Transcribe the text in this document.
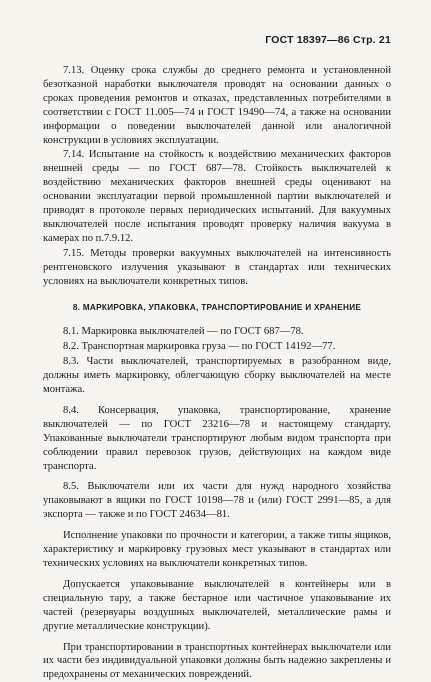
ГОСТ 18397—86 Стр. 21

7.13. Оценку срока службы до среднего ремонта и установленной безотказной наработки выключателя проводят на основании данных о сроках проведения ремонтов и отказах, представленных потребителями в соответствии с ГОСТ 11.005—74 и ГОСТ 19490—74, а также на основании информации о поведении выключателей данной или аналогичной конструкции в условиях эксплуатации.

7.14. Испытание на стойкость к воздействию механических факторов внешней среды — по ГОСТ 687—78. Стойкость выключателей к воздействию механических факторов внешней среды оценивают на основании эксплуатации первой промышленной партии выключателей и приводят в протоколе первых периодических испытаний. Для вакуумных выключателей после испытания проводят проверку наличия вакуума в камерах по п.7.9.12.

7.15. Методы проверки вакуумных выключателей на интенсивность рентгеновского излучения указывают в стандартах или технических условиях на выключатели конкретных типов.

8. МАРКИРОВКА, УПАКОВКА, ТРАНСПОРТИРОВАНИЕ И ХРАНЕНИЕ

8.1. Маркировка выключателей — по ГОСТ 687—78.

8.2. Транспортная маркировка груза — по ГОСТ 14192—77.

8.3. Части выключателей, транспортируемых в разобранном виде, должны иметь маркировку, облегчающую сборку выключателей на месте монтажа.

8.4. Консервация, упаковка, транспортирование, хранение выключателей — по ГОСТ 23216—78 и настоящему стандарту. Упакованные выключатели транспортируют любым видом транспорта при соблюдении правил перевозок грузов, действующих на каждом виде транспорта.

8.5. Выключатели или их части для нужд народного хозяйства упаковывают в ящики по ГОСТ 10198—78 и (или) ГОСТ 2991—85, а для экспорта — также и по ГОСТ 24634—81.

Исполнение упаковки по прочности и категории, а также типы ящиков, характеристику и маркировку грузовых мест указывают в стандартах или технических условиях на выключатели конкретных типов.

Допускается упаковывание выключателей в контейнеры или в специальную тару, а также бестарное или частичное упаковывание их частей (резервуары воздушных выключателей, металлические рамы и другие металлические конструкции).

При транспортировании в транспортных контейнерах выключатели или их части без индивидуальной упаковки должны быть надежно закреплены и предохранены от механических повреждений.
